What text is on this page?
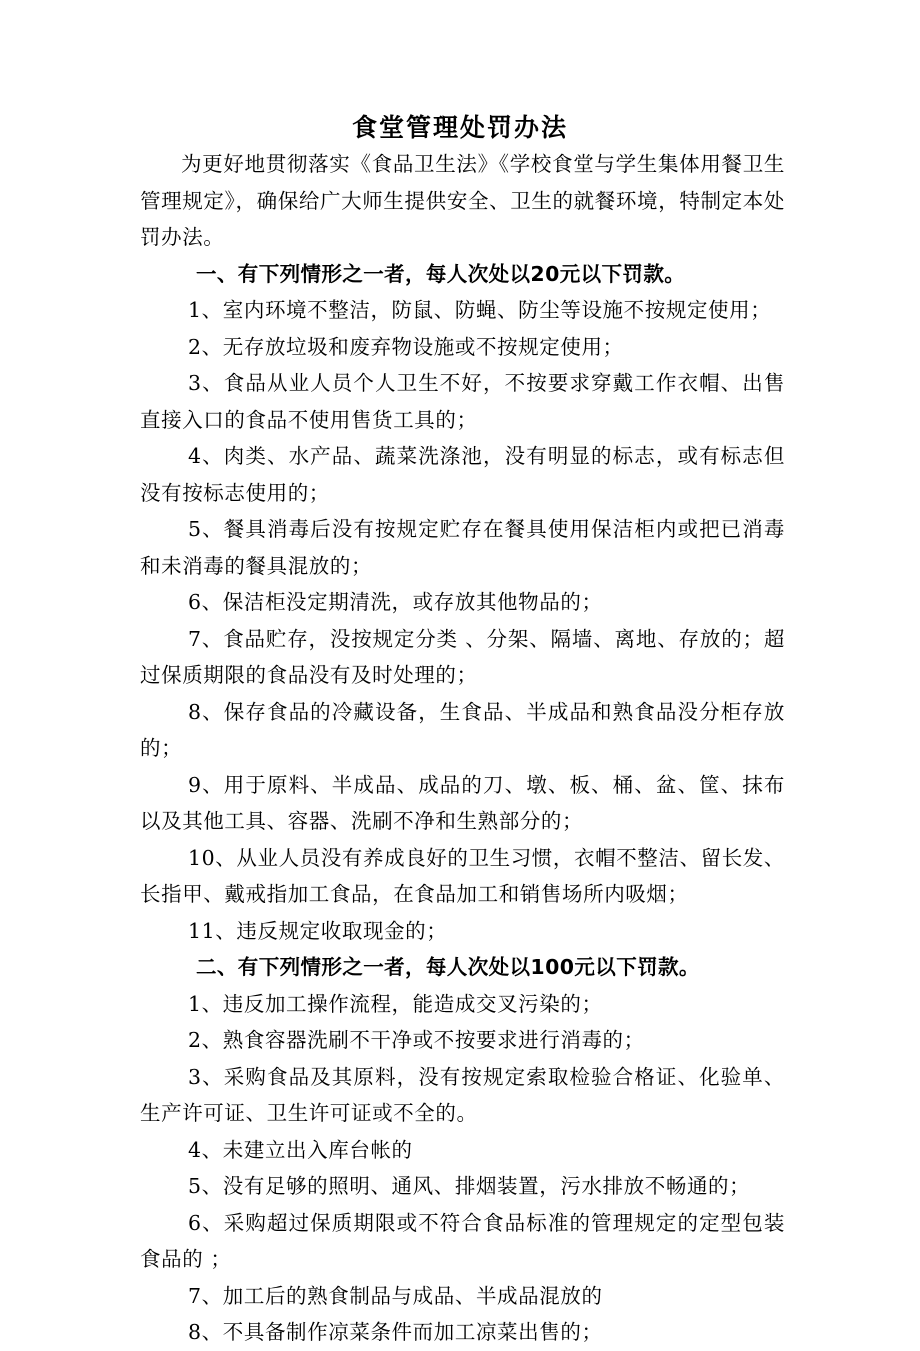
食堂管理处罚办法

为更好地贯彻落实《食品卫生法》《学校食堂与学生集体用餐卫生管理规定》，确保给广大师生提供安全、卫生的就餐环境，特制定本处罚办法。

一、有下列情形之一者，每人次处以20元以下罚款。

1、室内环境不整洁，防鼠、防蝇、防尘等设施不按规定使用；

2、无存放垃圾和废弃物设施或不按规定使用；

3、食品从业人员个人卫生不好，不按要求穿戴工作衣帽、出售直接入口的食品不使用售货工具的；

4、肉类、水产品、蔬菜洗涤池，没有明显的标志，或有标志但没有按标志使用的；

5、餐具消毒后没有按规定贮存在餐具使用保洁柜内或把已消毒和未消毒的餐具混放的；

6、保洁柜没定期清洗，或存放其他物品的；

7、食品贮存，没按规定分类 、分架、隔墙、离地、存放的；超过保质期限的食品没有及时处理的；

8、保存食品的冷藏设备，生食品、半成品和熟食品没分柜存放的；

9、用于原料、半成品、成品的刀、墩、板、桶、盆、筐、抹布以及其他工具、容器、洗刷不净和生熟部分的；

10、从业人员没有养成良好的卫生习惯，衣帽不整洁、留长发、长指甲、戴戒指加工食品，在食品加工和销售场所内吸烟；

11、违反规定收取现金的；

二、有下列情形之一者，每人次处以100元以下罚款。

1、违反加工操作流程，能造成交叉污染的；

2、熟食容器洗刷不干净或不按要求进行消毒的；

3、采购食品及其原料，没有按规定索取检验合格证、化验单、生产许可证、卫生许可证或不全的。

4、未建立出入库台帐的

5、没有足够的照明、通风、排烟装置，污水排放不畅通的；

6、采购超过保质期限或不符合食品标准的管理规定的定型包装食品的 ；

7、加工后的熟食制品与成品、半成品混放的

8、不具备制作凉菜条件而加工凉菜出售的；
